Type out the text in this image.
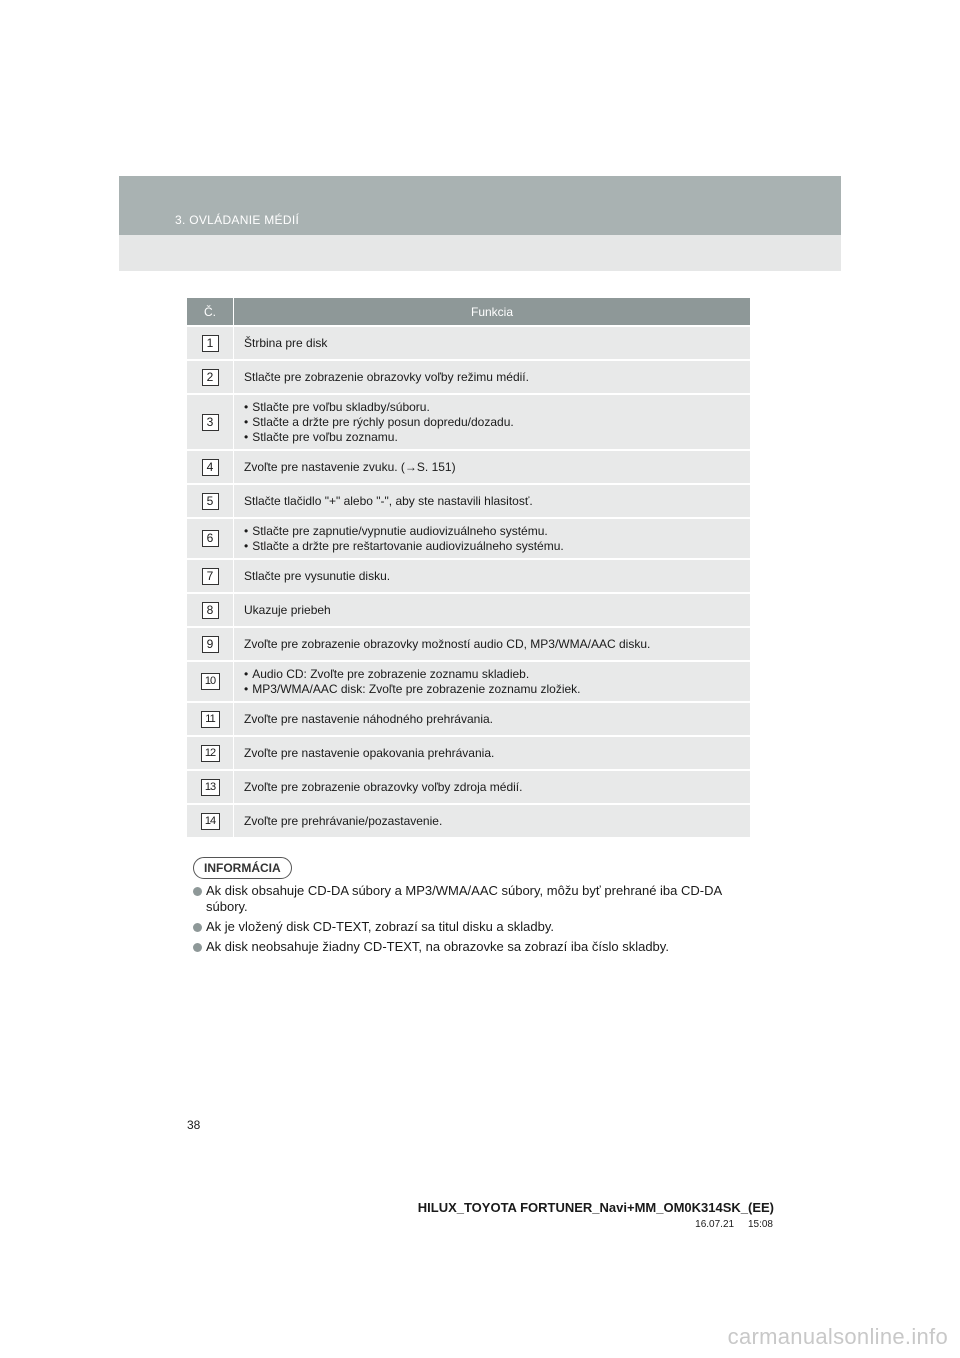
3. OVLÁDANIE MÉDIÍ
Č.	Funkcia
1	Štrbina pre disk
2	Stlačte pre zobrazenie obrazovky voľby režimu médií.
3	• Stlačte pre voľbu skladby/súboru.
• Stlačte a držte pre rýchly posun dopredu/dozadu.
• Stlačte pre voľbu zoznamu.

4	Zvoľte pre nastavenie zvuku. (→S. 151)
5	Stlačte tlačidlo "+" alebo "-", aby ste nastavili hlasitosť.
6	• Stlačte pre zapnutie/vypnutie audiovizuálneho systému.
• Stlačte a držte pre reštartovanie audiovizuálneho systému.

7	Stlačte pre vysunutie disku.
8	Ukazuje priebeh
9	Zvoľte pre zobrazenie obrazovky možností audio CD, MP3/WMA/AAC disku.
10	• Audio CD: Zvoľte pre zobrazenie zoznamu skladieb.
• MP3/WMA/AAC disk: Zvoľte pre zobrazenie zoznamu zložiek.

11	Zvoľte pre nastavenie náhodného prehrávania.
12	Zvoľte pre nastavenie opakovania prehrávania.
13	Zvoľte pre zobrazenie obrazovky voľby zdroja médií.
14	Zvoľte pre prehrávanie/pozastavenie.
INFORMÁCIA
Ak disk obsahuje CD-DA súbory a MP3/WMA/AAC súbory, môžu byť prehrané iba CD-DA súbory.
Ak je vložený disk CD-TEXT, zobrazí sa titul disku a skladby.
Ak disk neobsahuje žiadny CD-TEXT, na obrazovke sa zobrazí iba číslo skladby.
38
HILUX_TOYOTA FORTUNER_Navi+MM_OM0K314SK_(EE)
16.07.21     15:08
carmanualsonline.info
